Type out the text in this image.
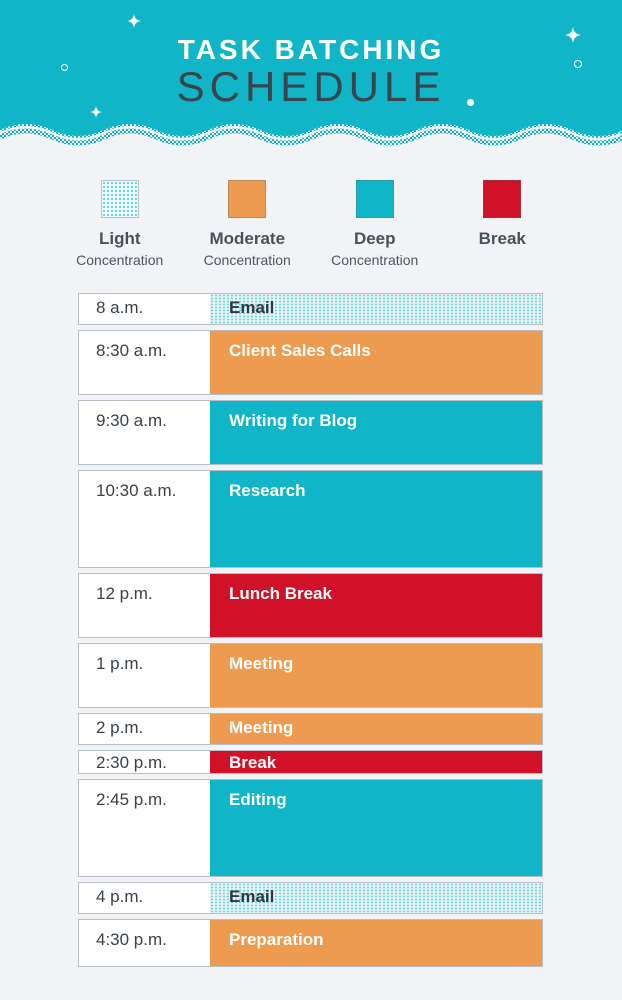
TASK BATCHING
SCHEDULE
Light
Concentration
Moderate
Concentration
Deep
Concentration
Break
8 a.m.	Email
8:30 a.m.	Client Sales Calls
9:30 a.m.	Writing for Blog
10:30 a.m.	Research
12 p.m.	Lunch Break
1 p.m.	Meeting
2 p.m.	Meeting
2:30 p.m.	Break
2:45 p.m.	Editing
4 p.m.	Email
4:30 p.m.	Preparation
